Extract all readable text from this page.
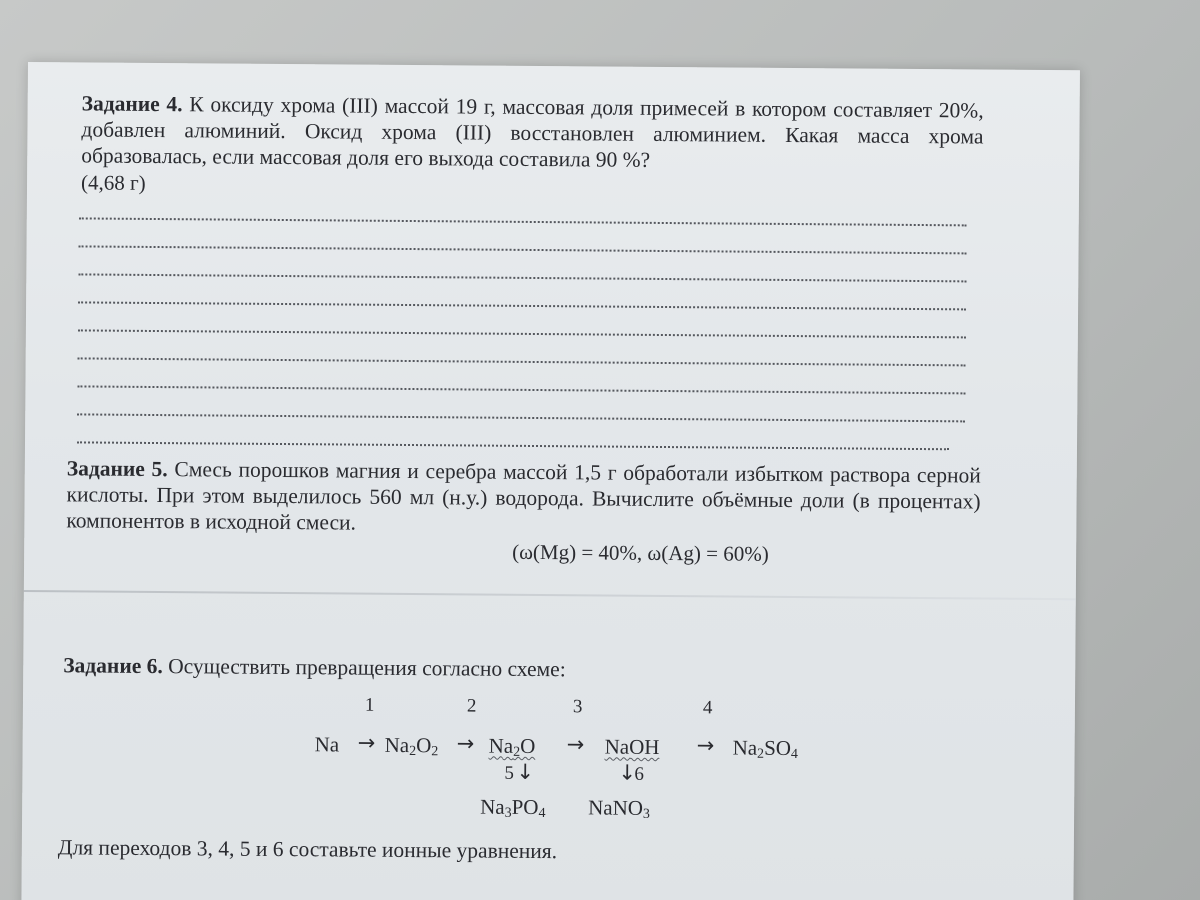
Задание 4. К оксиду хрома (III) массой 19 г, массовая доля примесей в котором составляет 20%, добавлен алюминий. Оксид хрома (III) восстановлен алюминием. Какая масса хрома образовалась, если массовая доля его выхода составила 90 %?

(4,68 г)

Задание 5. Смесь порошков магния и серебра массой 1,5 г обработали избытком раствора серной кислоты. При этом выделилось 560 мл (н.у.) водорода. Вычислите объёмные доли (в процентах) компонентов в исходной смеси.

(ω(Mg) = 40%, ω(Ag) = 60%)

Задание 6. Осуществить превращения согласно схеме:

1	2	3	4
$Na \to Na_2O_2 \to Na_2O$ → NaOH → $Na_2SO_4$
5 ↓	↓
6
$Na_3PO_4$ NaNO$_3$
Для переходов 3, 4, 5 и 6 составьте ионные уравнения.
